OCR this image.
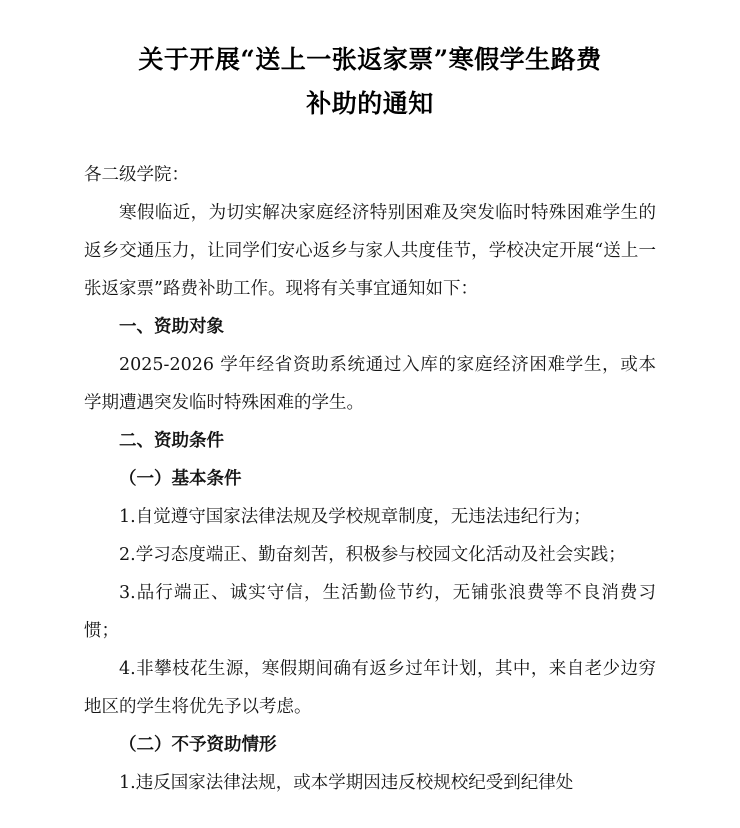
关于开展“送上一张返家票”寒假学生路费
补助的通知

各二级学院：

寒假临近，为切实解决家庭经济特别困难及突发临时特殊困难学生的返乡交通压力，让同学们安心返乡与家人共度佳节，学校决定开展“送上一张返家票”路费补助工作。现将有关事宜通知如下：

一、资助对象

2025-2026 学年经省资助系统通过入库的家庭经济困难学生，或本学期遭遇突发临时特殊困难的学生。

二、资助条件

（一）基本条件

1.自觉遵守国家法律法规及学校规章制度，无违法违纪行为；

2.学习态度端正、勤奋刻苦，积极参与校园文化活动及社会实践；

3.品行端正、诚实守信，生活勤俭节约，无铺张浪费等不良消费习惯；

4.非攀枝花生源，寒假期间确有返乡过年计划，其中，来自老少边穷地区的学生将优先予以考虑。

（二）不予资助情形

1.违反国家法律法规，或本学期因违反校规校纪受到纪律处
